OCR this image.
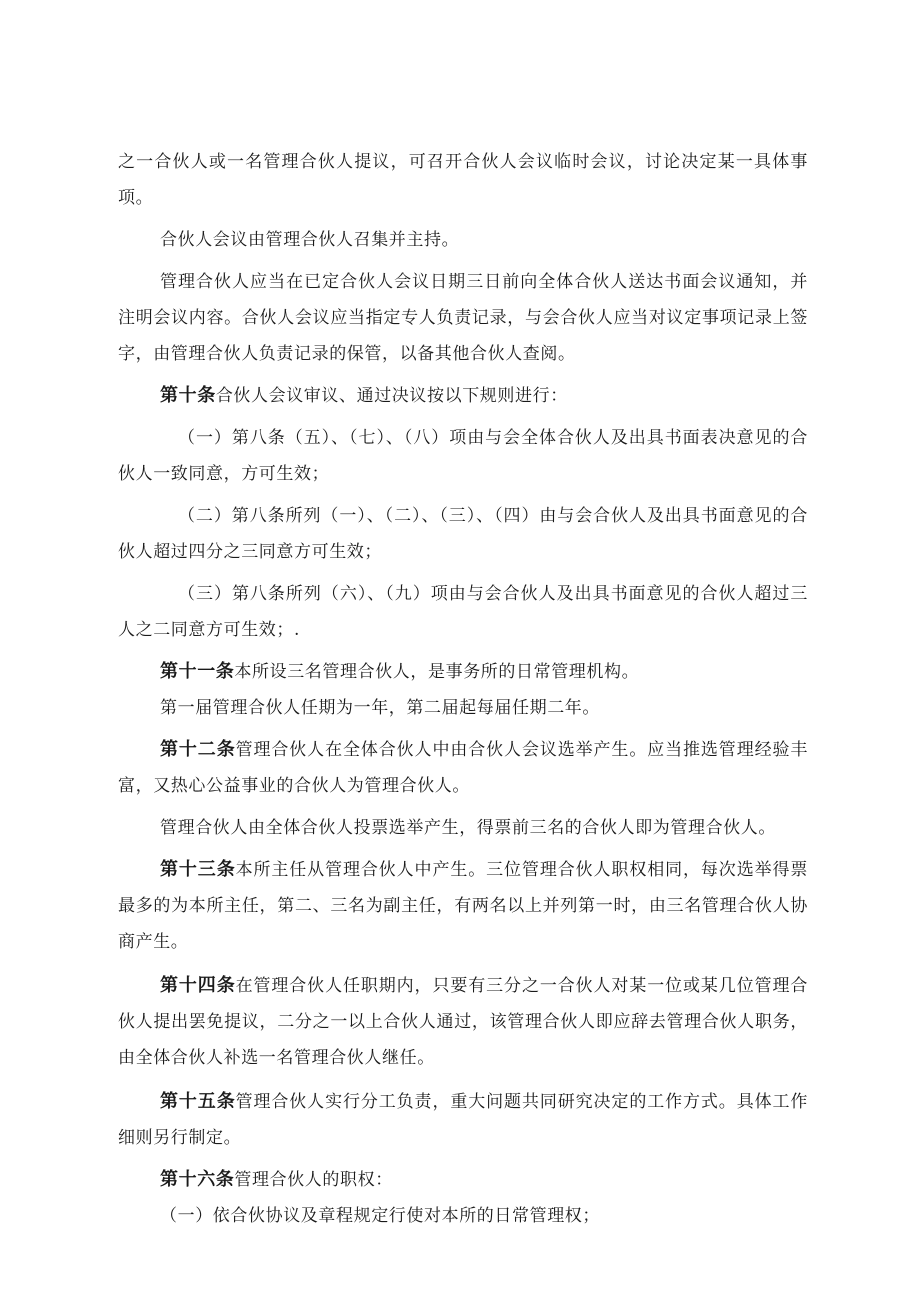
之一合伙人或一名管理合伙人提议，可召开合伙人会议临时会议，讨论决定某一具体事项。

合伙人会议由管理合伙人召集并主持。

管理合伙人应当在已定合伙人会议日期三日前向全体合伙人送达书面会议通知，并注明会议内容。合伙人会议应当指定专人负责记录，与会合伙人应当对议定事项记录上签字，由管理合伙人负责记录的保管，以备其他合伙人查阅。

第十条合伙人会议审议、通过决议按以下规则进行：

（一）第八条（五）、（七）、（八）项由与会全体合伙人及出具书面表决意见的合伙人一致同意，方可生效；

（二）第八条所列（一）、（二）、（三）、（四）由与会合伙人及出具书面意见的合伙人超过四分之三同意方可生效；

（三）第八条所列（六）、（九）项由与会合伙人及出具书面意见的合伙人超过三人之二同意方可生效；.

第十一条本所设三名管理合伙人，是事务所的日常管理机构。

第一届管理合伙人任期为一年，第二届起每届任期二年。

第十二条管理合伙人在全体合伙人中由合伙人会议选举产生。应当推选管理经验丰富，又热心公益事业的合伙人为管理合伙人。

管理合伙人由全体合伙人投票选举产生，得票前三名的合伙人即为管理合伙人。

第十三条本所主任从管理合伙人中产生。三位管理合伙人职权相同，每次选举得票最多的为本所主任，第二、三名为副主任，有两名以上并列第一时，由三名管理合伙人协商产生。

第十四条在管理合伙人任职期内，只要有三分之一合伙人对某一位或某几位管理合伙人提出罢免提议，二分之一以上合伙人通过，该管理合伙人即应辞去管理合伙人职务，由全体合伙人补选一名管理合伙人继任。

第十五条管理合伙人实行分工负责，重大问题共同研究决定的工作方式。具体工作细则另行制定。

第十六条管理合伙人的职权：

（一）依合伙协议及章程规定行使对本所的日常管理权；
